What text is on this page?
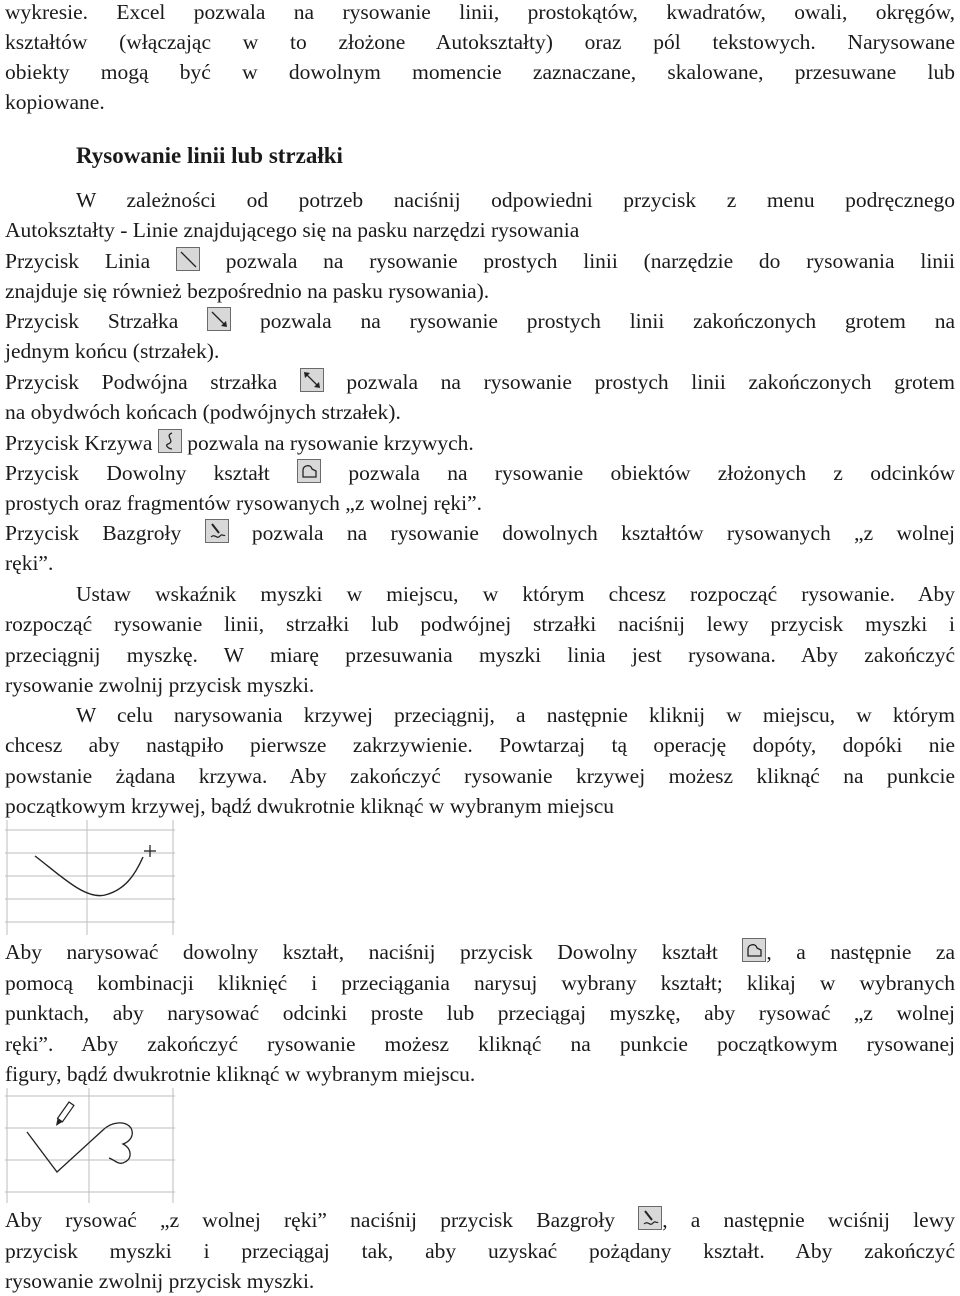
wykresie. Excel pozwala na rysowanie linii, prostokątów, kwadratów, owali, okręgów,
kształtów (włączając w to złożone Autokształty) oraz pól tekstowych. Narysowane
obiekty mogą być w dowolnym momencie zaznaczane, skalowane, przesuwane lub
kopiowane.
Rysowanie linii lub strzałki
W zależności od potrzeb naciśnij odpowiedni przycisk z menu podręcznego
Autokształty - Linie znajdującego się na pasku narzędzi rysowania
Przycisk Linia	pozwala na rysowanie prostych linii (narzędzie do rysowania linii
znajduje się również bezpośrednio na pasku rysowania).
Przycisk Strzałka	pozwala na rysowanie prostych linii zakończonych grotem na
jednym końcu (strzałek).
Przycisk Podwójna strzałka	pozwala na rysowanie prostych linii zakończonych grotem
na obydwóch końcach (podwójnych strzałek).
Przycisk Krzywa pozwala na rysowanie krzywych.
Przycisk Dowolny kształt	pozwala na rysowanie obiektów złożonych z odcinków
prostych oraz fragmentów rysowanych „z wolnej ręki”.
Przycisk Bazgroły	pozwala na rysowanie dowolnych kształtów rysowanych „z wolnej
ręki”.
Ustaw wskaźnik myszki w miejscu, w którym chcesz rozpocząć rysowanie. Aby
rozpocząć rysowanie linii, strzałki lub podwójnej strzałki naciśnij lewy przycisk myszki i
przeciągnij myszkę. W miarę przesuwania myszki linia jest rysowana. Aby zakończyć
rysowanie zwolnij przycisk myszki.
W celu narysowania krzywej przeciągnij, a następnie kliknij w miejscu, w którym
chcesz aby nastąpiło pierwsze zakrzywienie. Powtarzaj tą operację dopóty, dopóki nie
powstanie żądana krzywa. Aby zakończyć rysowanie krzywej możesz kliknąć na punkcie
początkowym krzywej, bądź dwukrotnie kliknąć w wybranym miejscu
Aby narysować dowolny kształt, naciśnij przycisk Dowolny kształt , a następnie za
pomocą kombinacji kliknięć i przeciągania narysuj wybrany kształt; klikaj w wybranych
punktach, aby narysować odcinki proste lub przeciągaj myszkę, aby rysować „z wolnej
ręki”. Aby zakończyć rysowanie możesz kliknąć na punkcie początkowym rysowanej
figury, bądź dwukrotnie kliknąć w wybranym miejscu.
Aby rysować „z wolnej ręki” naciśnij przycisk Bazgroły , a następnie wciśnij lewy
przycisk myszki i przeciągaj tak, aby uzyskać pożądany kształt. Aby zakończyć
rysowanie zwolnij przycisk myszki.
